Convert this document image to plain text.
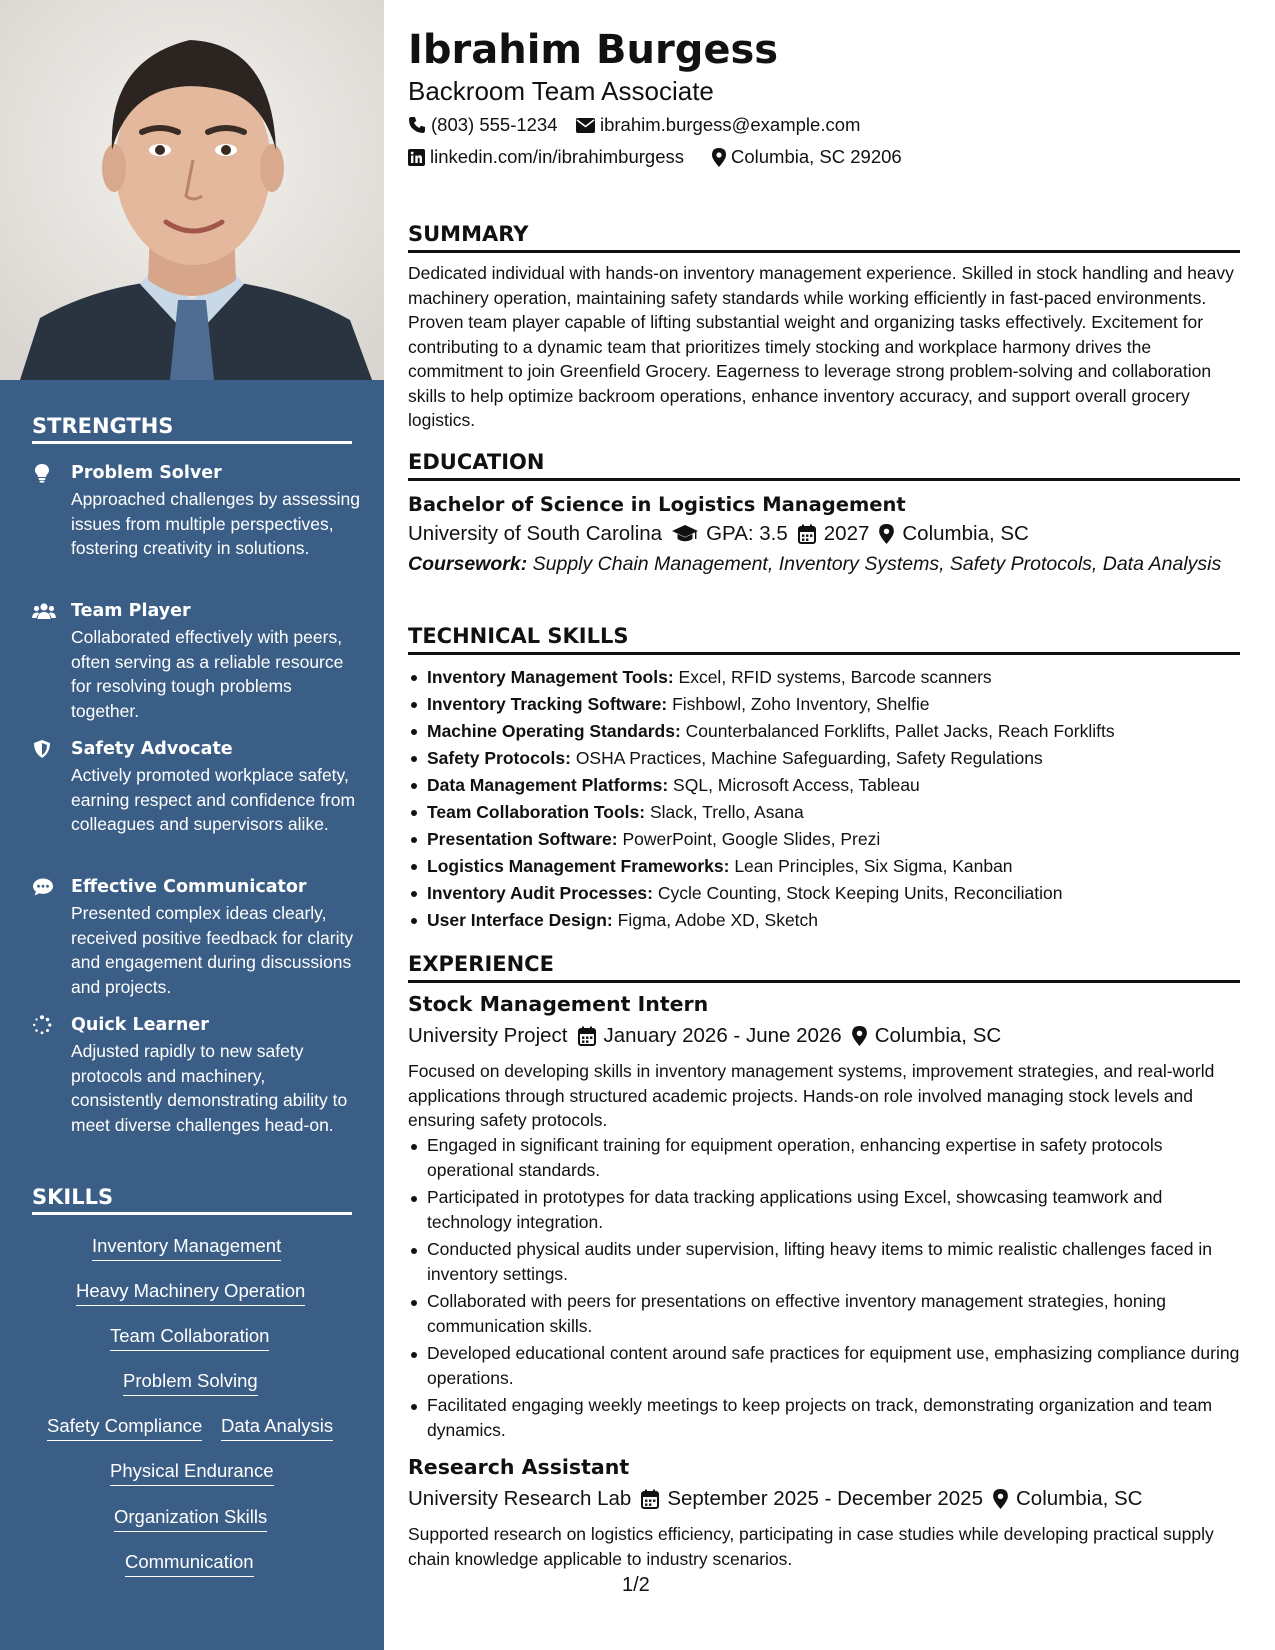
STRENGTHS
Problem Solver
Approached challenges by assessing issues from multiple perspectives, fostering creativity in solutions.
Team Player
Collaborated effectively with peers, often serving as a reliable resource for resolving tough problems together.
Safety Advocate
Actively promoted workplace safety, earning respect and confidence from colleagues and supervisors alike.
Effective Communicator
Presented complex ideas clearly, received positive feedback for clarity and engagement during discussions and projects.
Quick Learner
Adjusted rapidly to new safety protocols and machinery, consistently demonstrating ability to meet diverse challenges head-on.
SKILLS
Inventory Management
Heavy Machinery Operation
Team Collaboration
Problem Solving
Safety Compliance Data Analysis
Physical Endurance
Organization Skills
Communication
Ibrahim Burgess
Backroom Team Associate
(803) 555-1234 ibrahim.burgess@example.com
linkedin.com/in/ibrahimburgess	Columbia, SC 29206
SUMMARY
Dedicated individual with hands-on inventory management experience. Skilled in stock handling and heavy machinery operation, maintaining safety standards while working efficiently in fast-paced environments. Proven team player capable of lifting substantial weight and organizing tasks effectively. Excitement for contributing to a dynamic team that prioritizes timely stocking and workplace harmony drives the commitment to join Greenfield Grocery. Eagerness to leverage strong problem-solving and collaboration skills to help optimize backroom operations, enhance inventory accuracy, and support overall grocery logistics.
EDUCATION
Bachelor of Science in Logistics Management
University of South Carolina GPA: 3.5 2027 Columbia, SC
Coursework: Supply Chain Management, Inventory Systems, Safety Protocols, Data Analysis
TECHNICAL SKILLS
Inventory Management Tools: Excel, RFID systems, Barcode scanners
Inventory Tracking Software: Fishbowl, Zoho Inventory, Shelfie
Machine Operating Standards: Counterbalanced Forklifts, Pallet Jacks, Reach Forklifts
Safety Protocols: OSHA Practices, Machine Safeguarding, Safety Regulations
Data Management Platforms: SQL, Microsoft Access, Tableau
Team Collaboration Tools: Slack, Trello, Asana
Presentation Software: PowerPoint, Google Slides, Prezi
Logistics Management Frameworks: Lean Principles, Six Sigma, Kanban
Inventory Audit Processes: Cycle Counting, Stock Keeping Units, Reconciliation
User Interface Design: Figma, Adobe XD, Sketch
EXPERIENCE
Stock Management Intern
University Project January 2026 - June 2026 Columbia, SC
Focused on developing skills in inventory management systems, improvement strategies, and real-world applications through structured academic projects. Hands-on role involved managing stock levels and ensuring safety protocols.
Engaged in significant training for equipment operation, enhancing expertise in safety protocols operational standards.
Participated in prototypes for data tracking applications using Excel, showcasing teamwork and technology integration.
Conducted physical audits under supervision, lifting heavy items to mimic realistic challenges faced in inventory settings.
Collaborated with peers for presentations on effective inventory management strategies, honing communication skills.
Developed educational content around safe practices for equipment use, emphasizing compliance during operations.
Facilitated engaging weekly meetings to keep projects on track, demonstrating organization and team dynamics.
Research Assistant
University Research Lab September 2025 - December 2025 Columbia, SC
Supported research on logistics efficiency, participating in case studies while developing practical supply chain knowledge applicable to industry scenarios.
1/2
